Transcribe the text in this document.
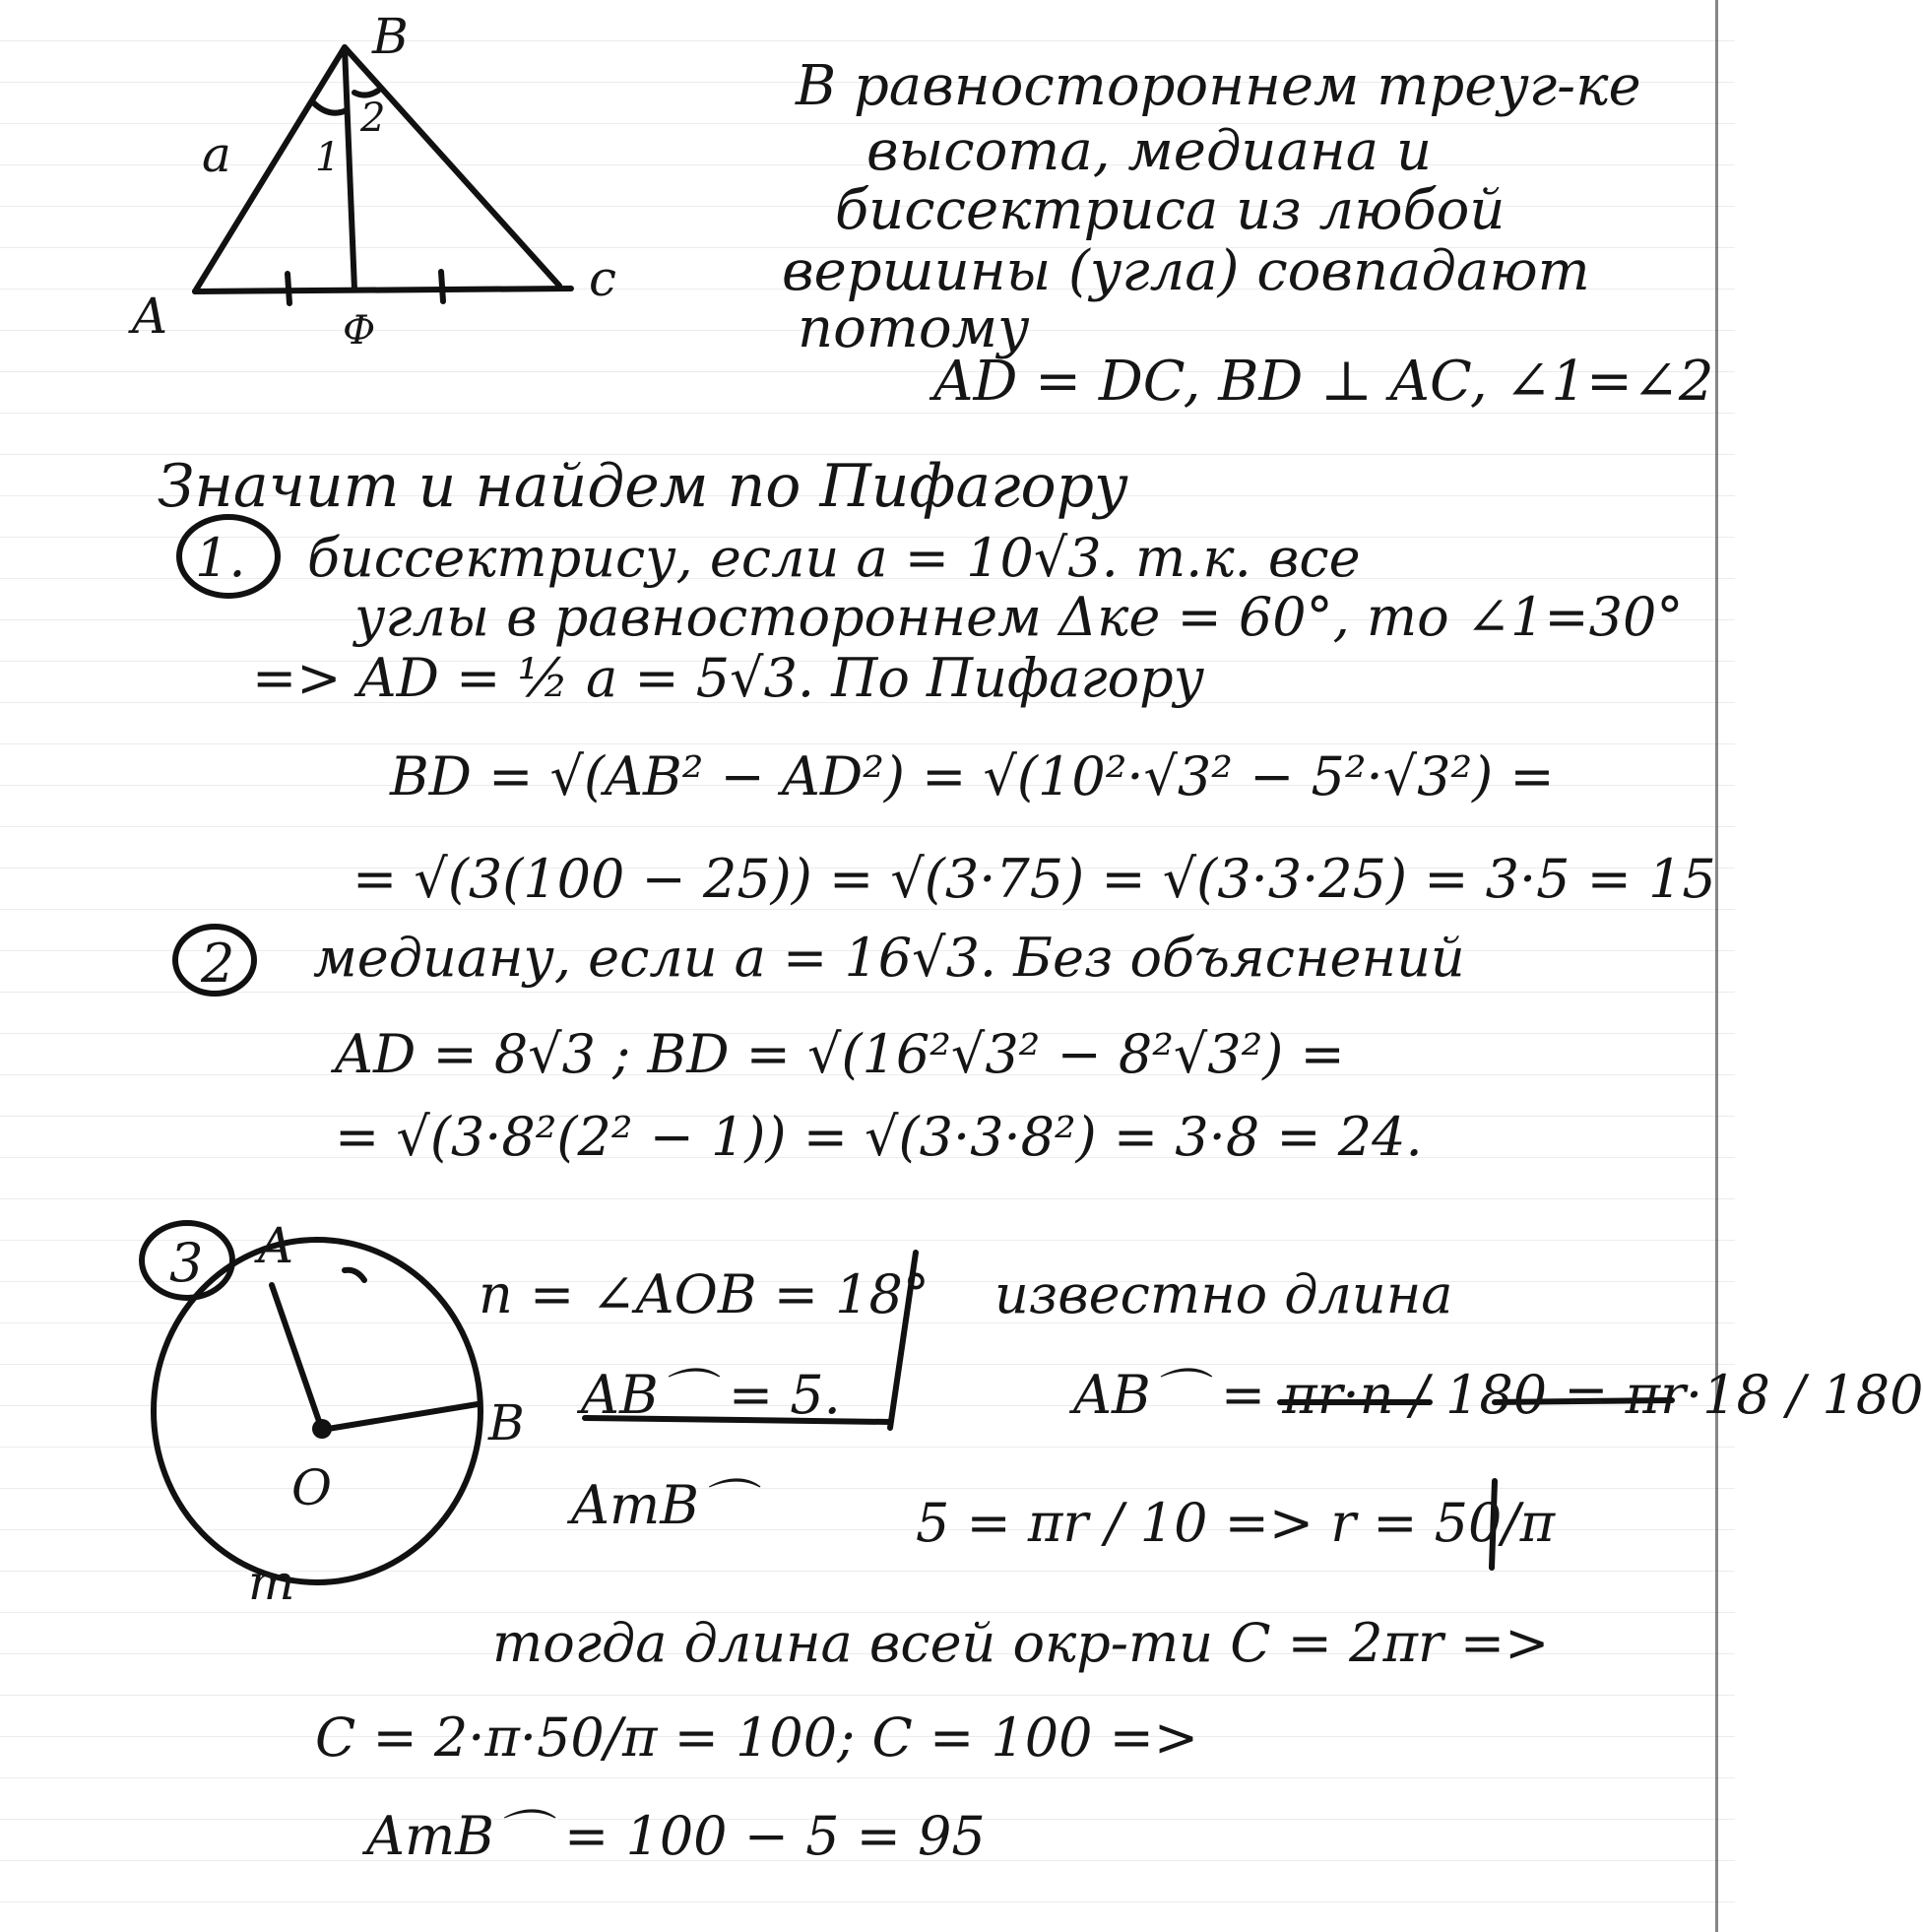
B
A
c
Ф
a 1
2	В равностороннем треуг-ке
высота, медиана и
биссектриса из любой
вершины (угла) совпадают
потому
AD = DC, BD ⊥ AC, ∠1=∠2
Значит и найдем по Пифагору
1. биссектрису, если a = 10√3. т.к. все
углы в равностороннем Δке = 60°, то ∠1=30°
=> AD = ½ a = 5√3. По Пифагору
BD = √(AB² − AD²) = √(10²·√3² − 5²·√3²) =
= √(3(100 − 25)) = √(3·75) = √(3·3·25) = 3·5 = 15
2 медиану, если a = 16√3. Без объяснений
AD = 8√3 ; BD = √(16²√3² − 8²√3²) =
= √(3·8²(2² − 1)) = √(3·3·8²) = 3·8 = 24.
3 A
B
O
m
n = ∠AOB = 18°
AB⌒ = 5.
AmB⌒
известно длина
AB⌒ = πr·n / 180 = πr·18 / 180
5 = πr / 10 => r = 50/π
тогда длина всей окр-ти C = 2πr =>
C = 2·π·50/π = 100; C = 100 =>
AmB⌒ = 100 − 5 = 95
